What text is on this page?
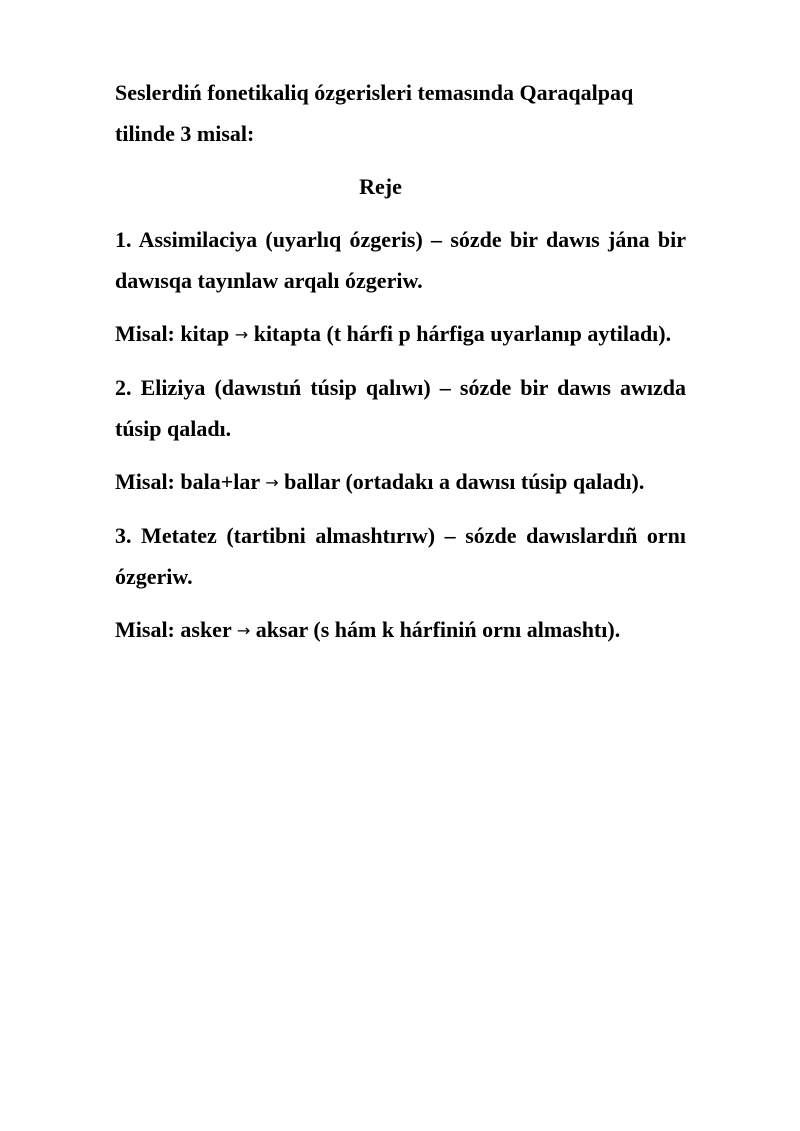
Seslerdiń fonetikaliq ózgerisleri temasında Qaraqalpaq tilinde 3 misal:

Reje

1. Assimilaciya (uyarlıq ózgeris) – sózde bir dawıs jána bir dawısqa tayınlaw arqalı ózgeriw.

Misal: kitap → kitapta (t hárfi p hárfiga uyarlanıp aytiladı).

2. Eliziya (dawıstıń túsip qalıwı) – sózde bir dawıs awızda túsip qaladı.

Misal: bala+lar → ballar (ortadakı a dawısı túsip qaladı).

3. Metatez (tartibni almashtırıw) – sózde dawıslardıñ ornı ózgeriw.

Misal: asker → aksar (s hám k hárfiniń ornı almashtı).
